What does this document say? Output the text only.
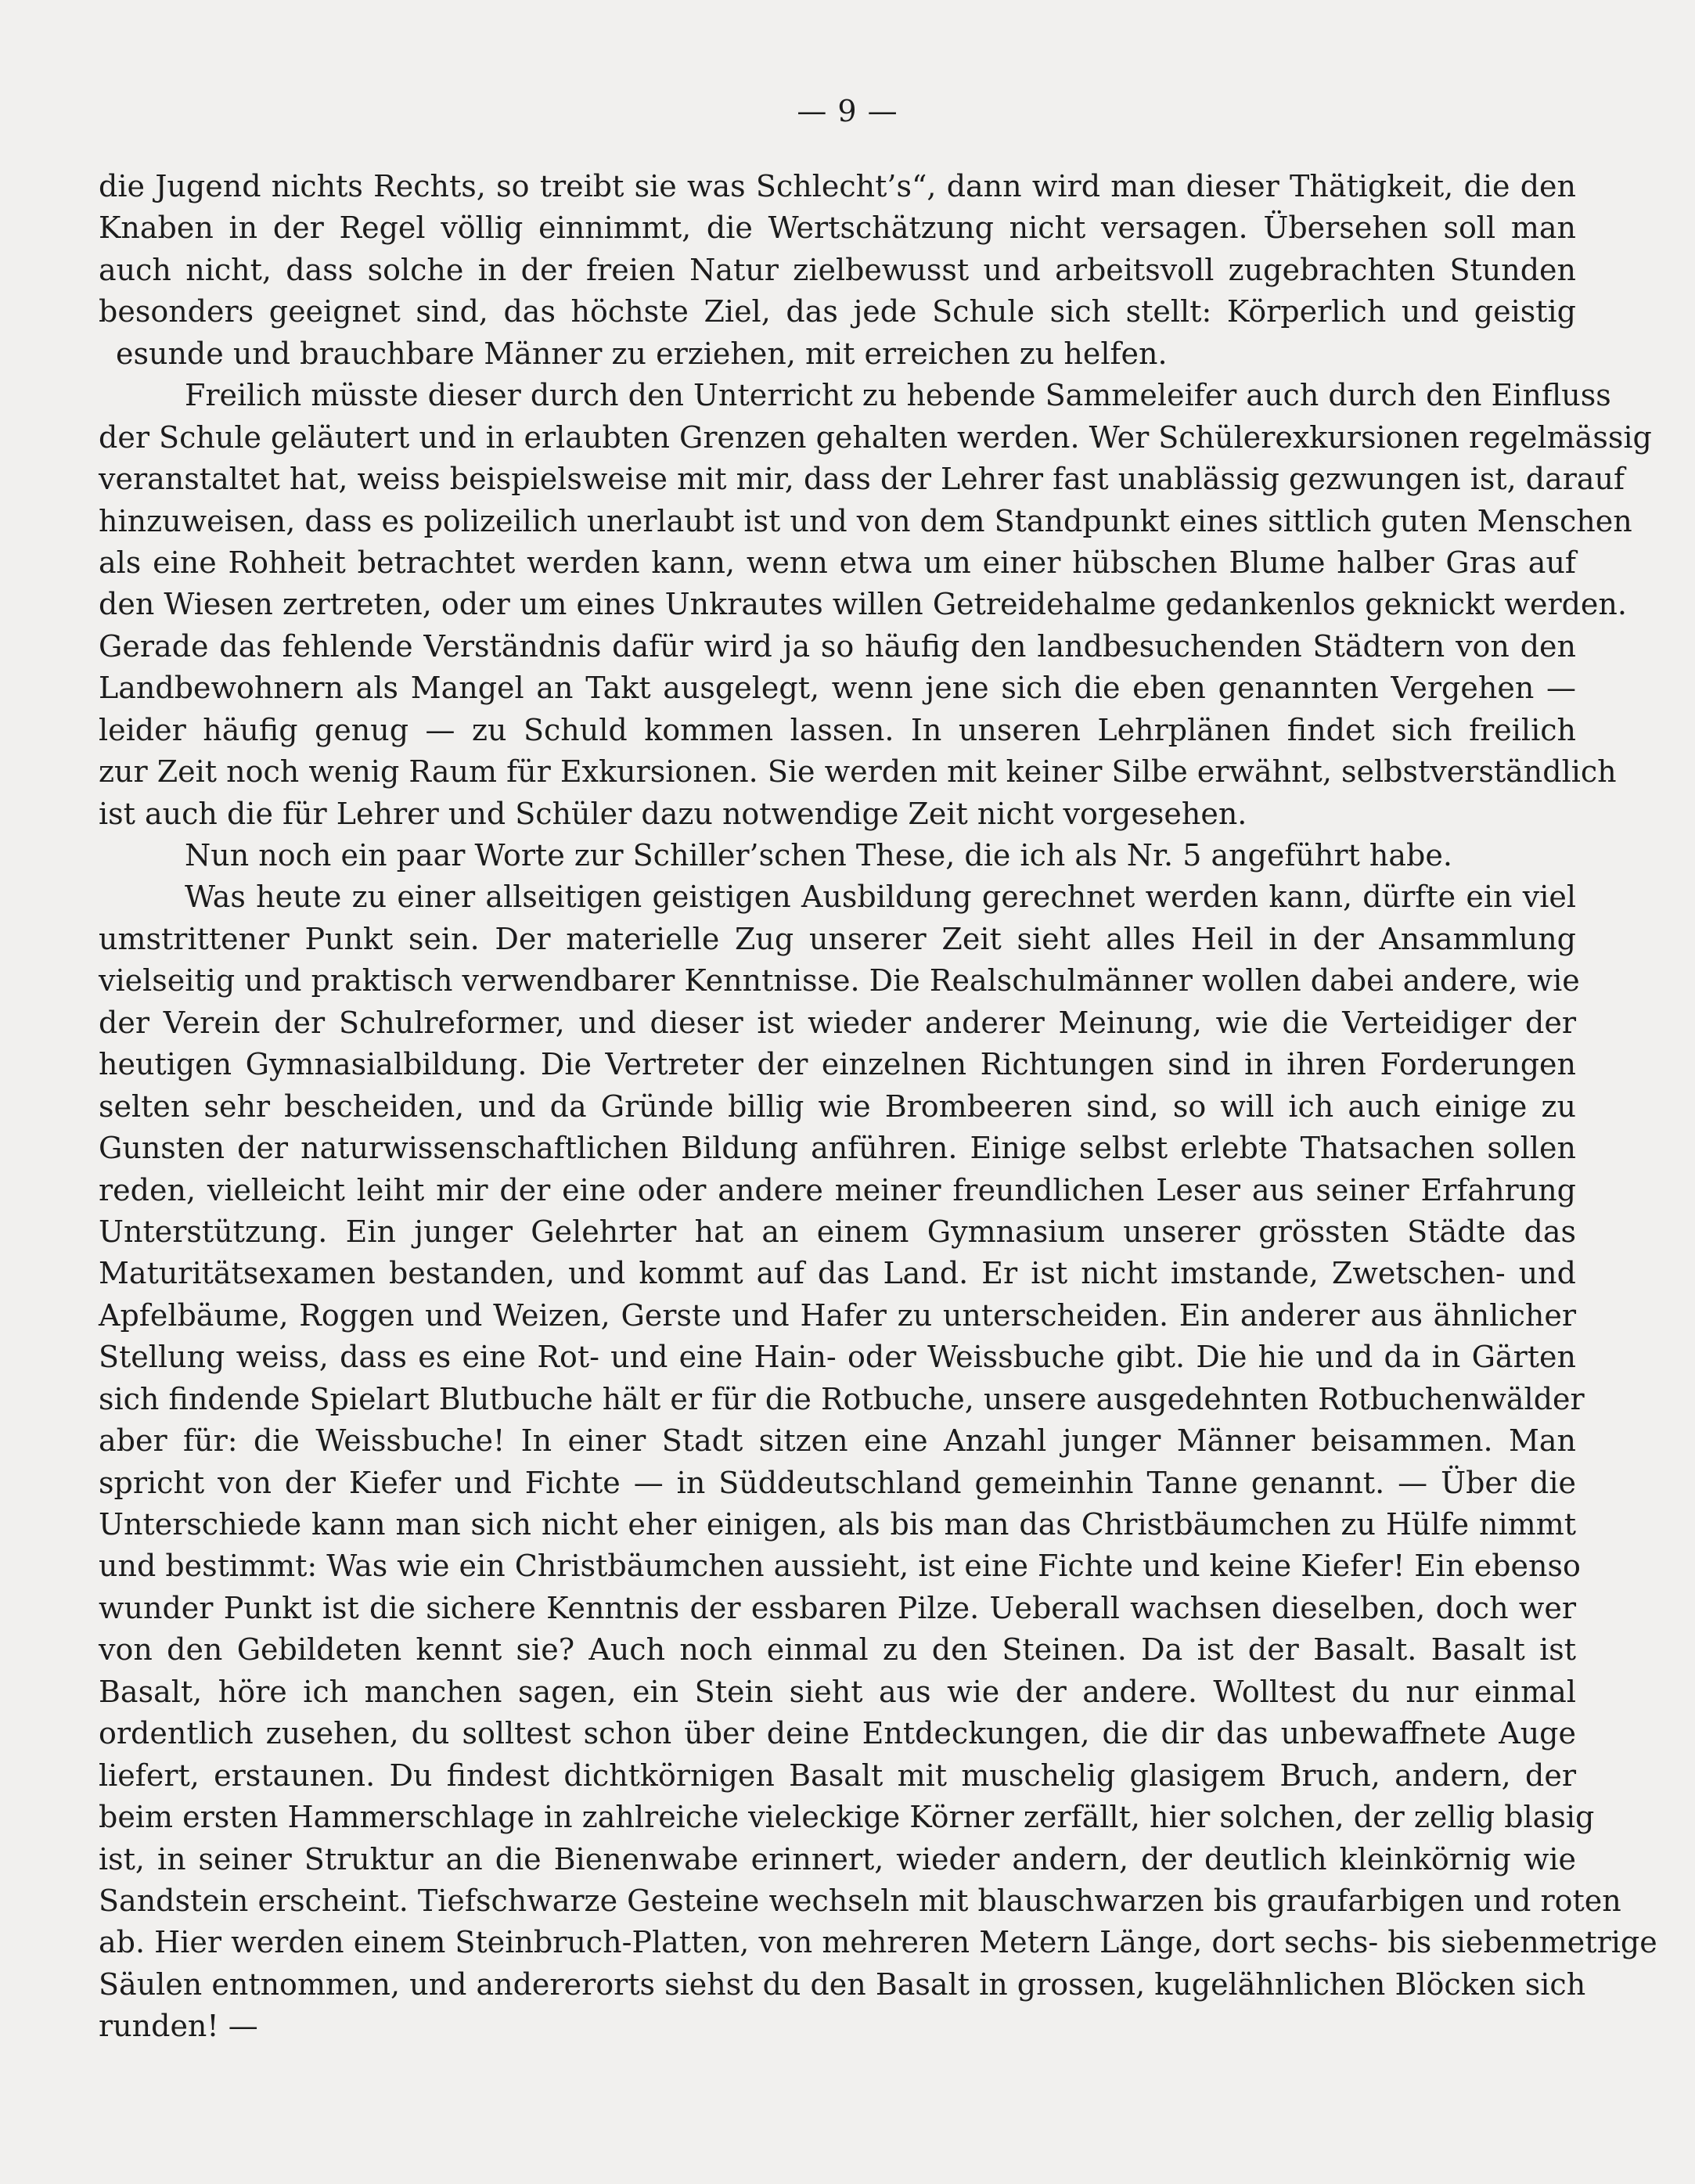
— 9 —
die Jugend nichts Rechts, so treibt sie was Schlecht’s“, dann wird man dieser Thätigkeit, die den
Knaben in der Regel völlig einnimmt, die Wertschätzung nicht versagen. Übersehen soll man
auch nicht, dass solche in der freien Natur zielbewusst und arbeitsvoll zugebrachten Stunden
besonders geeignet sind, das höchste Ziel, das jede Schule sich stellt: Körperlich und geistig
esunde und brauchbare Männer zu erziehen, mit erreichen zu helfen.
Freilich müsste dieser durch den Unterricht zu hebende Sammeleifer auch durch den Einfluss
der Schule geläutert und in erlaubten Grenzen gehalten werden. Wer Schülerexkursionen regelmässig
veranstaltet hat, weiss beispielsweise mit mir, dass der Lehrer fast unablässig gezwungen ist, darauf
hinzuweisen, dass es polizeilich unerlaubt ist und von dem Standpunkt eines sittlich guten Menschen
als eine Rohheit betrachtet werden kann, wenn etwa um einer hübschen Blume halber Gras auf
den Wiesen zertreten, oder um eines Unkrautes willen Getreidehalme gedankenlos geknickt werden.
Gerade das fehlende Verständnis dafür wird ja so häufig den landbesuchenden Städtern von den
Landbewohnern als Mangel an Takt ausgelegt, wenn jene sich die eben genannten Vergehen —
leider häufig genug — zu Schuld kommen lassen. In unseren Lehrplänen findet sich freilich
zur Zeit noch wenig Raum für Exkursionen. Sie werden mit keiner Silbe erwähnt, selbstverständlich
ist auch die für Lehrer und Schüler dazu notwendige Zeit nicht vorgesehen.
Nun noch ein paar Worte zur Schiller’schen These, die ich als Nr. 5 angeführt habe.
Was heute zu einer allseitigen geistigen Ausbildung gerechnet werden kann, dürfte ein viel
umstrittener Punkt sein. Der materielle Zug unserer Zeit sieht alles Heil in der Ansammlung
vielseitig und praktisch verwendbarer Kenntnisse. Die Realschulmänner wollen dabei andere, wie
der Verein der Schulreformer, und dieser ist wieder anderer Meinung, wie die Verteidiger der
heutigen Gymnasialbildung. Die Vertreter der einzelnen Richtungen sind in ihren Forderungen
selten sehr bescheiden, und da Gründe billig wie Brombeeren sind, so will ich auch einige zu
Gunsten der naturwissenschaftlichen Bildung anführen. Einige selbst erlebte Thatsachen sollen
reden, vielleicht leiht mir der eine oder andere meiner freundlichen Leser aus seiner Erfahrung
Unterstützung. Ein junger Gelehrter hat an einem Gymnasium unserer grössten Städte das
Maturitätsexamen bestanden, und kommt auf das Land. Er ist nicht imstande, Zwetschen- und
Apfelbäume, Roggen und Weizen, Gerste und Hafer zu unterscheiden. Ein anderer aus ähnlicher
Stellung weiss, dass es eine Rot- und eine Hain- oder Weissbuche gibt. Die hie und da in Gärten
sich findende Spielart Blutbuche hält er für die Rotbuche, unsere ausgedehnten Rotbuchenwälder
aber für: die Weissbuche! In einer Stadt sitzen eine Anzahl junger Männer beisammen. Man
spricht von der Kiefer und Fichte — in Süddeutschland gemeinhin Tanne genannt. — Über die
Unterschiede kann man sich nicht eher einigen, als bis man das Christbäumchen zu Hülfe nimmt
und bestimmt: Was wie ein Christbäumchen aussieht, ist eine Fichte und keine Kiefer! Ein ebenso
wunder Punkt ist die sichere Kenntnis der essbaren Pilze. Ueberall wachsen dieselben, doch wer
von den Gebildeten kennt sie? Auch noch einmal zu den Steinen. Da ist der Basalt. Basalt ist
Basalt, höre ich manchen sagen, ein Stein sieht aus wie der andere. Wolltest du nur einmal
ordentlich zusehen, du solltest schon über deine Entdeckungen, die dir das unbewaffnete Auge
liefert, erstaunen. Du findest dichtkörnigen Basalt mit muschelig glasigem Bruch, andern, der
beim ersten Hammerschlage in zahlreiche vieleckige Körner zerfällt, hier solchen, der zellig blasig
ist, in seiner Struktur an die Bienenwabe erinnert, wieder andern, der deutlich kleinkörnig wie
Sandstein erscheint. Tiefschwarze Gesteine wechseln mit blauschwarzen bis graufarbigen und roten
ab. Hier werden einem Steinbruch-Platten, von mehreren Metern Länge, dort sechs- bis siebenmetrige
Säulen entnommen, und andererorts siehst du den Basalt in grossen, kugelähnlichen Blöcken sich
runden! —
